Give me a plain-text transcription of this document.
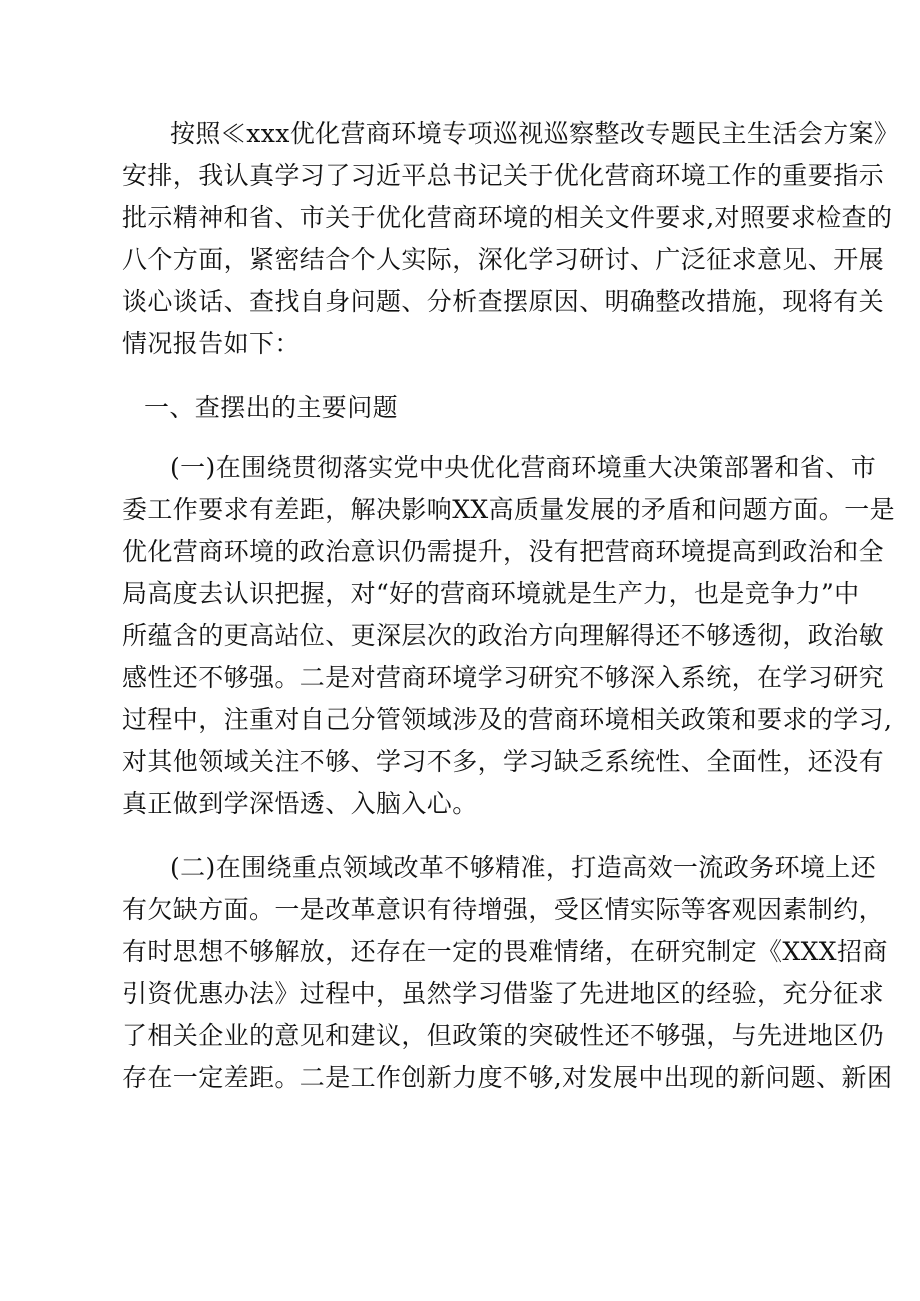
按照≪xxx优化营商环境专项巡视巡察整改专题民主生活会方案》
安排，我认真学习了习近平总书记关于优化营商环境工作的重要指示
批示精神和省、市关于优化营商环境的相关文件要求,对照要求检查的
八个方面，紧密结合个人实际，深化学习研讨、广泛征求意见、开展
谈心谈话、查找自身问题、分析查摆原因、明确整改措施，现将有关
情况报告如下：
一、查摆出的主要问题
(一)在围绕贯彻落实党中央优化营商环境重大决策部署和省、市
委工作要求有差距，解决影响XX高质量发展的矛盾和问题方面。一是
优化营商环境的政治意识仍需提升，没有把营商环境提高到政治和全
局高度去认识把握，对“好的营商环境就是生产力，也是竞争力”中
所蕴含的更高站位、更深层次的政治方向理解得还不够透彻，政治敏
感性还不够强。二是对营商环境学习研究不够深入系统，在学习研究
过程中，注重对自己分管领域涉及的营商环境相关政策和要求的学习,
对其他领域关注不够、学习不多，学习缺乏系统性、全面性，还没有
真正做到学深悟透、入脑入心。
(二)在围绕重点领域改革不够精准，打造高效一流政务环境上还
有欠缺方面。一是改革意识有待增强，受区情实际等客观因素制约，
有时思想不够解放，还存在一定的畏难情绪，在研究制定《XXX招商
引资优惠办法》过程中，虽然学习借鉴了先进地区的经验，充分征求
了相关企业的意见和建议，但政策的突破性还不够强，与先进地区仍
存在一定差距。二是工作创新力度不够,对发展中出现的新问题、新困
